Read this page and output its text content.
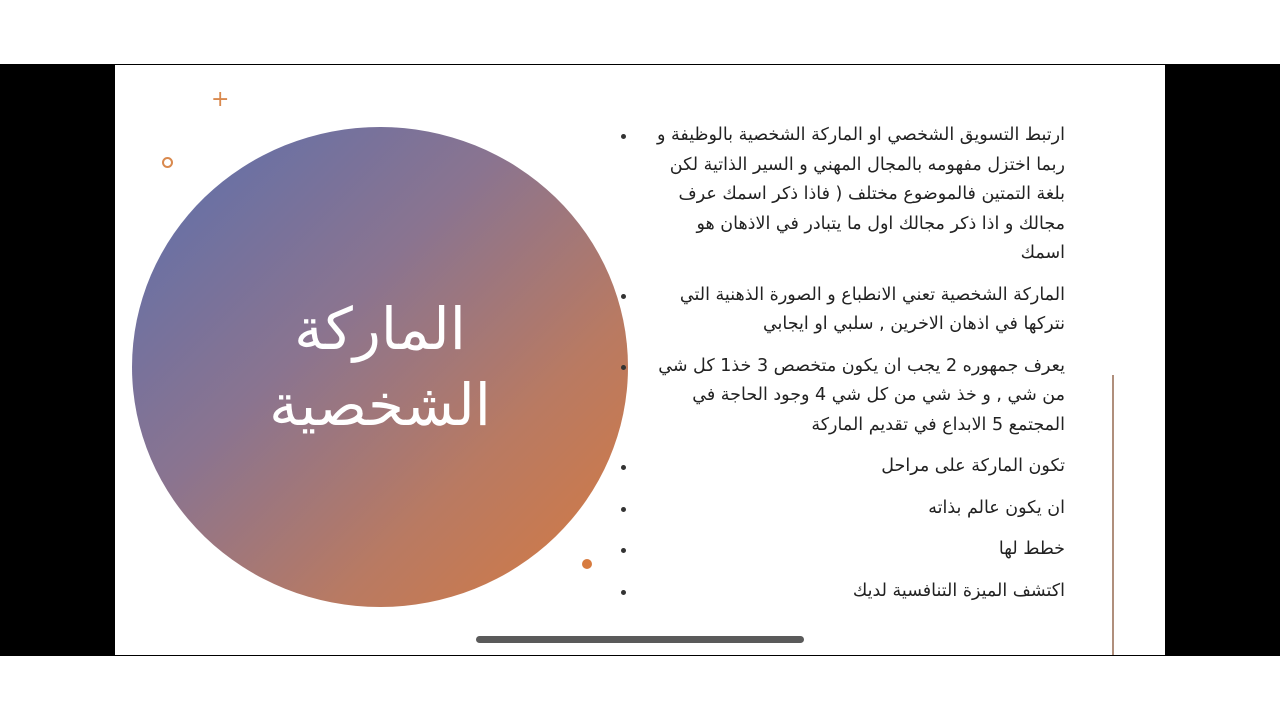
الماركة
الشخصية
+
ارتبط التسويق الشخصي او الماركة الشخصية بالوظيفة و ربما اختزل مفهومه بالمجال المهني و السير الذاتية لكن بلغة التمتين فالموضوع مختلف ( فاذا ذكر اسمك عرف مجالك و اذا ذكر مجالك اول ما يتبادر في الاذهان هو اسمك
الماركة الشخصية تعني الانطباع و الصورة الذهنية التي نتركها في اذهان الاخرين , سلبي او ايجابي
يعرف جمهوره 2 يجب ان يكون متخصص 3 خذ1 كل شي من شي , و خذ شي من كل شي 4 وجود الحاجة في المجتمع 5 الابداع في تقديم الماركة
تكون الماركة على مراحل
ان يكون عالم بذاته
خطط لها
اكتشف الميزة التنافسية لديك
